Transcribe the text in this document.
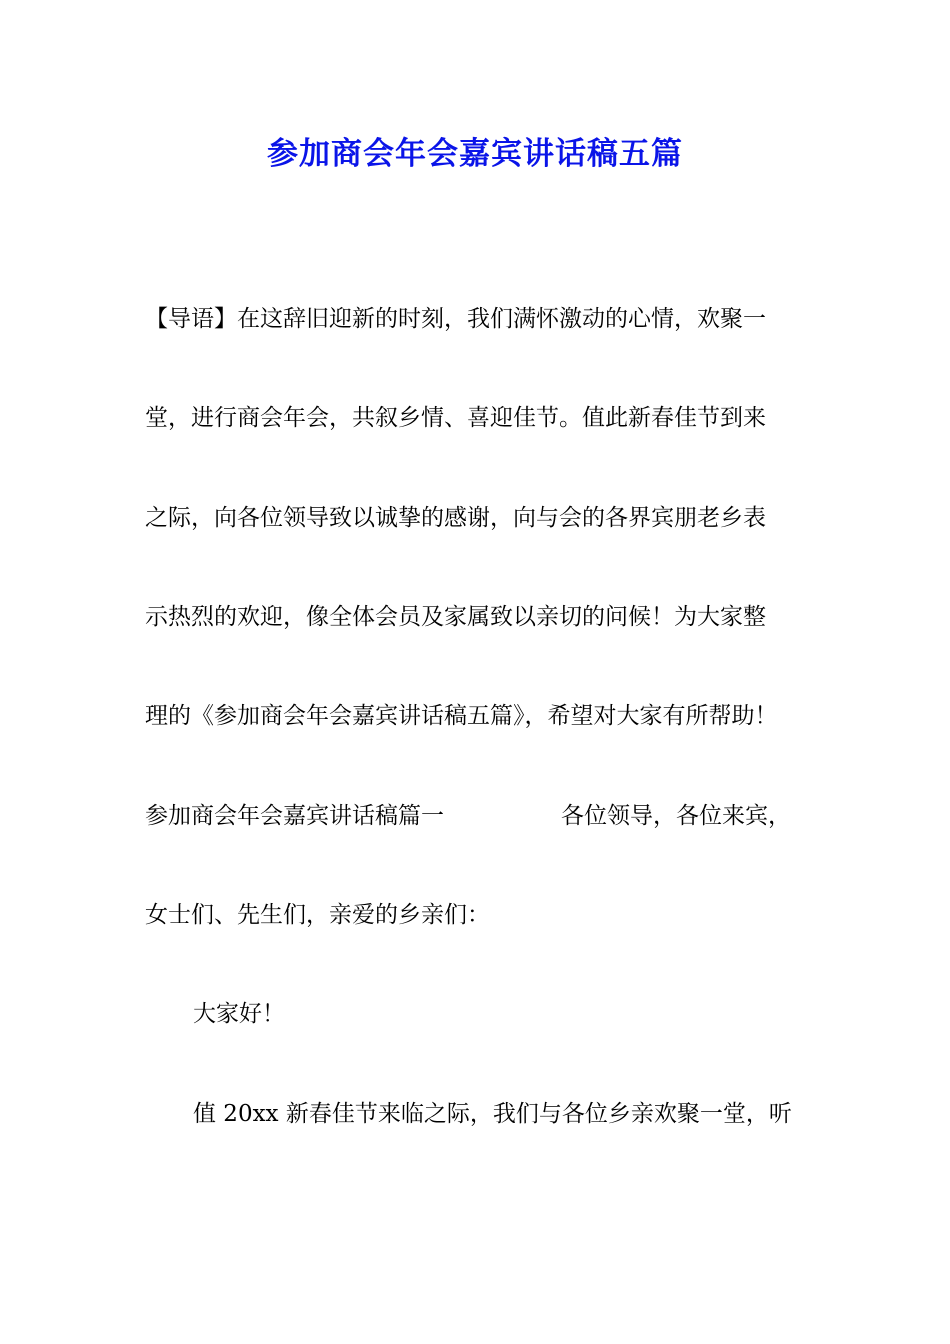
参加商会年会嘉宾讲话稿五篇
【导语】在这辞旧迎新的时刻，我们满怀激动的心情，欢聚一
堂，进行商会年会，共叙乡情、喜迎佳节。值此新春佳节到来
之际，向各位领导致以诚挚的感谢，向与会的各界宾朋老乡表
示热烈的欢迎，像全体会员及家属致以亲切的问候！为大家整
理的《参加商会年会嘉宾讲话稿五篇》，希望对大家有所帮助！
参加商会年会嘉宾讲话稿篇一	各位领导，各位来宾，
女士们、先生们，亲爱的乡亲们：
大家好！
值 20xx 新春佳节来临之际，我们与各位乡亲欢聚一堂，听
